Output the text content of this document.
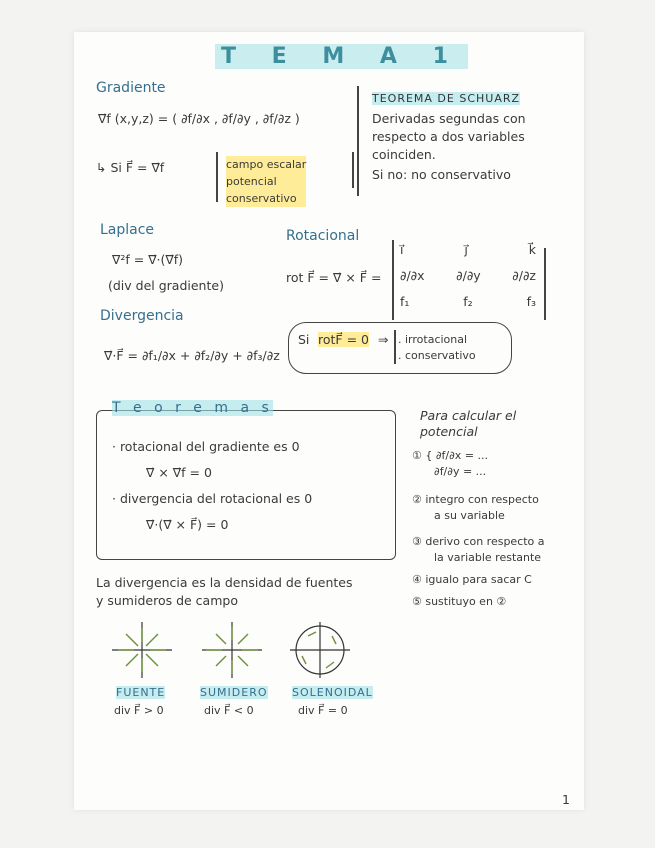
T E M A 1
Gradiente
∇⃗f (x,y,z) = ( ∂f/∂x , ∂f/∂y , ∂f/∂z )
↳ Si F⃗ = ∇⃗f	campo escalar
potencial
conservativo
TEOREMA DE SCHUARZ
Derivadas segundas con
respecto a dos variables
coinciden.
Si no: no conservativo
Laplace
∇²f = ∇⃗·(∇⃗f)
(div del gradiente)
Rotacional
rot F⃗ = ∇⃗ × F⃗ =
i⃗	j⃗	k⃗
∂/∂x	∂/∂y	∂/∂z
f₁	f₂	f₃
Si rotF⃗ = 0 ⇒ . irrotacional
. conservativo
Divergencia
∇⃗·F⃗ = ∂f₁/∂x + ∂f₂/∂y + ∂f₃/∂z
T e o r e m a s
· rotacional del gradiente es 0
∇⃗ × ∇⃗f = 0
· divergencia del rotacional es 0
∇⃗·(∇⃗ × F⃗) = 0
Para calcular el
potencial
① { ∂f/∂x = ...
∂f/∂y = ...
② integro con respecto
a su variable
③ derivo con respecto a
la variable restante
④ igualo para sacar C
⑤ sustituyo en ②
La divergencia es la densidad de fuentes
y sumideros de campo
FUENTE
div F⃗ > 0
SUMIDERO
div F⃗ < 0
SOLENOIDAL
div F⃗ = 0
1
